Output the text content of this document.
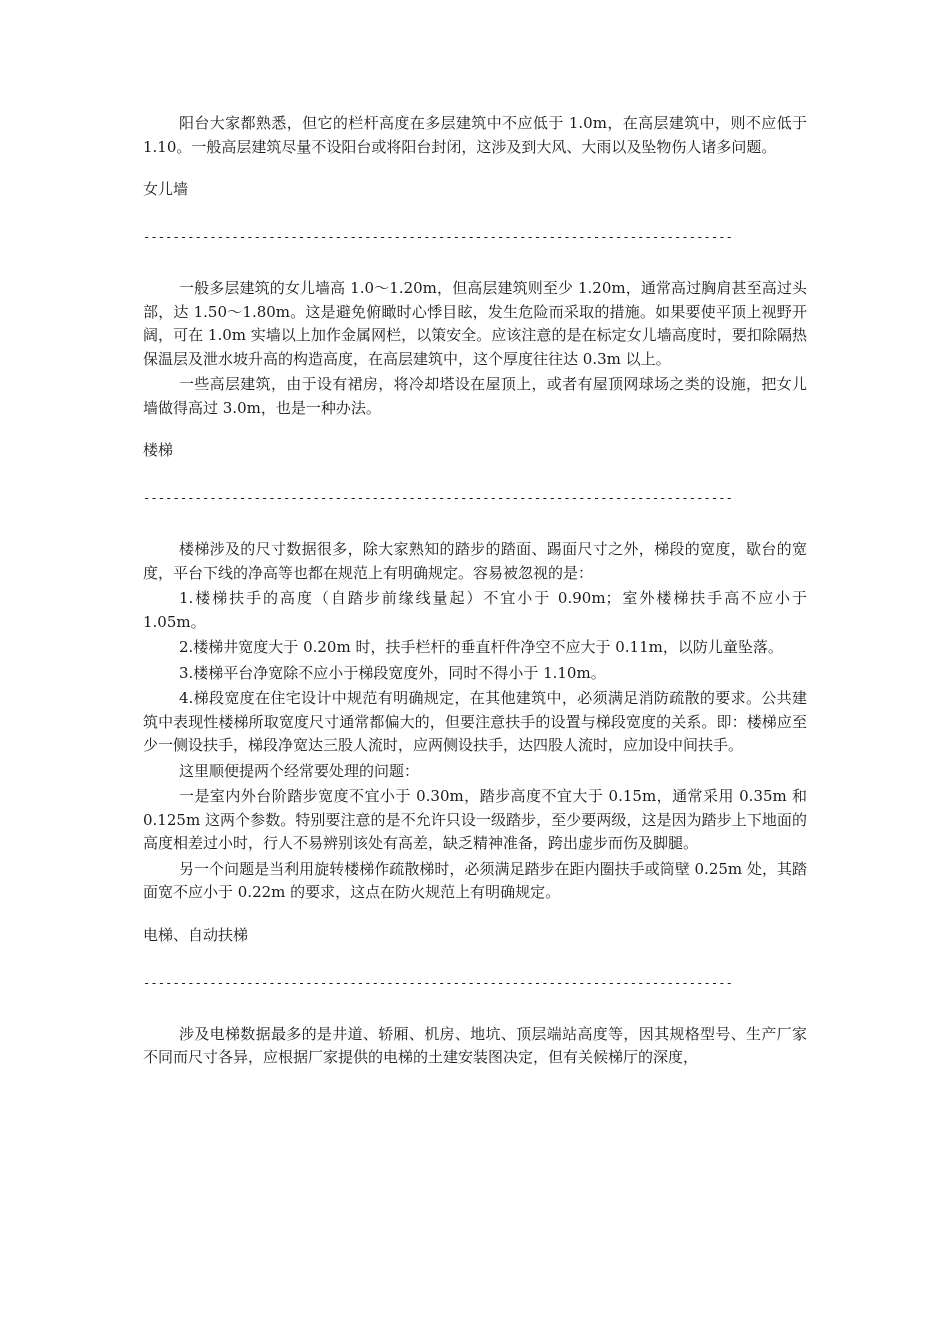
阳台大家都熟悉，但它的栏杆高度在多层建筑中不应低于 1.0m，在高层建筑中，则不应低于 1.10。一般高层建筑尽量不设阳台或将阳台封闭，这涉及到大风、大雨以及坠物伤人诸多问题。

女儿墙

--------------------------------------------------------------------------------

一般多层建筑的女儿墙高 1.0～1.20m，但高层建筑则至少 1.20m，通常高过胸肩甚至高过头部，达 1.50～1.80m。这是避免俯瞰时心悸目眩，发生危险而采取的措施。如果要使平顶上视野开阔，可在 1.0m 实墙以上加作金属网栏，以策安全。应该注意的是在标定女儿墙高度时，要扣除隔热保温层及泄水坡升高的构造高度，在高层建筑中，这个厚度往往达 0.3m 以上。

一些高层建筑，由于设有裙房，将冷却塔设在屋顶上，或者有屋顶网球场之类的设施，把女儿墙做得高过 3.0m，也是一种办法。

楼梯

--------------------------------------------------------------------------------

楼梯涉及的尺寸数据很多，除大家熟知的踏步的踏面、踢面尺寸之外，梯段的宽度，歇台的宽度，平台下线的净高等也都在规范上有明确规定。容易被忽视的是：

1.楼梯扶手的高度（自踏步前缘线量起）不宜小于 0.90m；室外楼梯扶手高不应小于 1.05m。

2.楼梯井宽度大于 0.20m 时，扶手栏杆的垂直杆件净空不应大于 0.11m，以防儿童坠落。

3.楼梯平台净宽除不应小于梯段宽度外，同时不得小于 1.10m。

4.梯段宽度在住宅设计中规范有明确规定，在其他建筑中，必须满足消防疏散的要求。公共建筑中表现性楼梯所取宽度尺寸通常都偏大的，但要注意扶手的设置与梯段宽度的关系。即：楼梯应至少一侧设扶手，梯段净宽达三股人流时，应两侧设扶手，达四股人流时，应加设中间扶手。

这里顺便提两个经常要处理的问题：

一是室内外台阶踏步宽度不宜小于 0.30m，踏步高度不宜大于 0.15m，通常采用 0.35m 和 0.125m 这两个参数。特别要注意的是不允许只设一级踏步，至少要两级，这是因为踏步上下地面的高度相差过小时，行人不易辨别该处有高差，缺乏精神准备，跨出虚步而伤及脚腿。

另一个问题是当利用旋转楼梯作疏散梯时，必须满足踏步在距内圈扶手或筒壁 0.25m 处，其踏面宽不应小于 0.22m 的要求，这点在防火规范上有明确规定。

电梯、自动扶梯

--------------------------------------------------------------------------------

涉及电梯数据最多的是井道、轿厢、机房、地坑、顶层端站高度等，因其规格型号、生产厂家不同而尺寸各异，应根据厂家提供的电梯的土建安装图决定，但有关候梯厅的深度，
